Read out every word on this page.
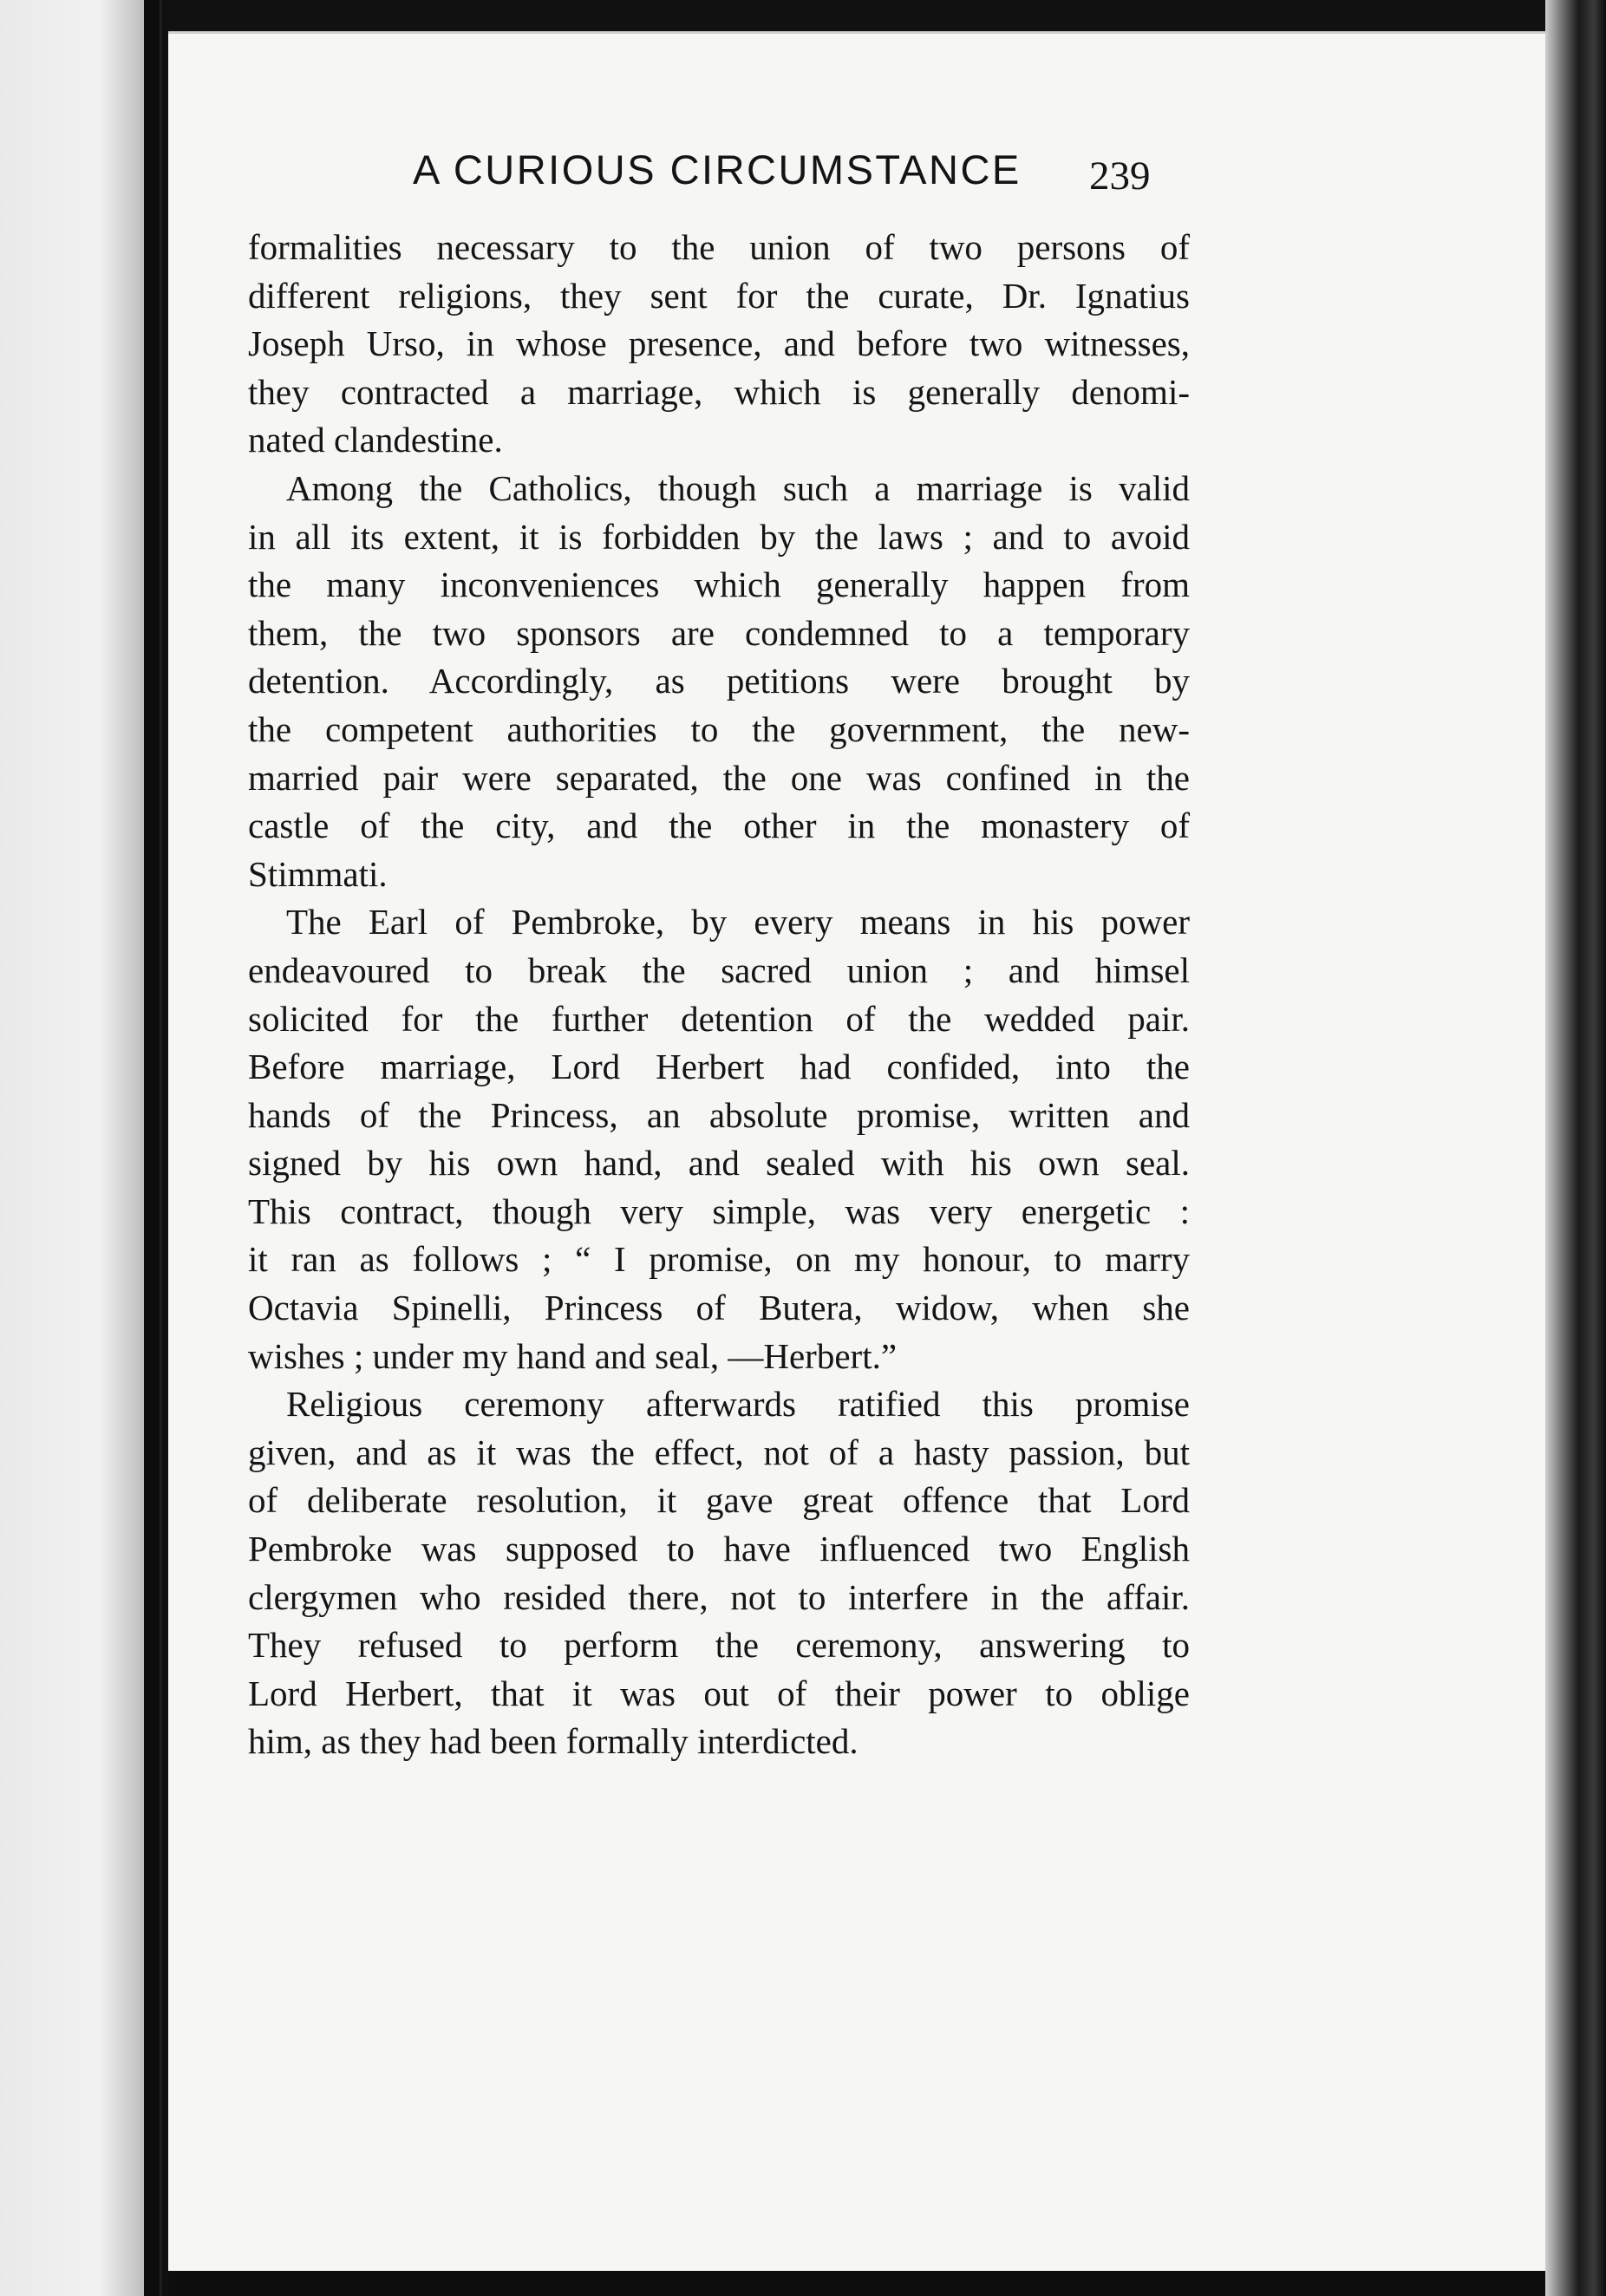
A CURIOUS CIRCUMSTANCE 239

formalities necessary to the union of two persons of
different religions, they sent for the curate, Dr. Ignatius
Joseph Urso, in whose presence, and before two witnesses,
they contracted a marriage, which is generally denomi-
nated clandestine.

Among the Catholics, though such a marriage is valid
in all its extent, it is forbidden by the laws ; and to avoid
the many inconveniences which generally happen from
them, the two sponsors are condemned to a temporary
detention. Accordingly, as petitions were brought by
the competent authorities to the government, the new-
married pair were separated, the one was confined in the
castle of the city, and the other in the monastery of
Stimmati.

The Earl of Pembroke, by every means in his power
endeavoured to break the sacred union ; and himsel
solicited for the further detention of the wedded pair.
Before marriage, Lord Herbert had confided, into the
hands of the Princess, an absolute promise, written and
signed by his own hand, and sealed with his own seal.
This contract, though very simple, was very energetic :
it ran as follows ; “ I promise, on my honour, to marry
Octavia Spinelli, Princess of Butera, widow, when she
wishes ; under my hand and seal, —Herbert.”

Religious ceremony afterwards ratified this promise
given, and as it was the effect, not of a hasty passion, but
of deliberate resolution, it gave great offence that Lord
Pembroke was supposed to have influenced two English
clergymen who resided there, not to interfere in the affair.
They refused to perform the ceremony, answering to
Lord Herbert, that it was out of their power to oblige
him, as they had been formally interdicted.
